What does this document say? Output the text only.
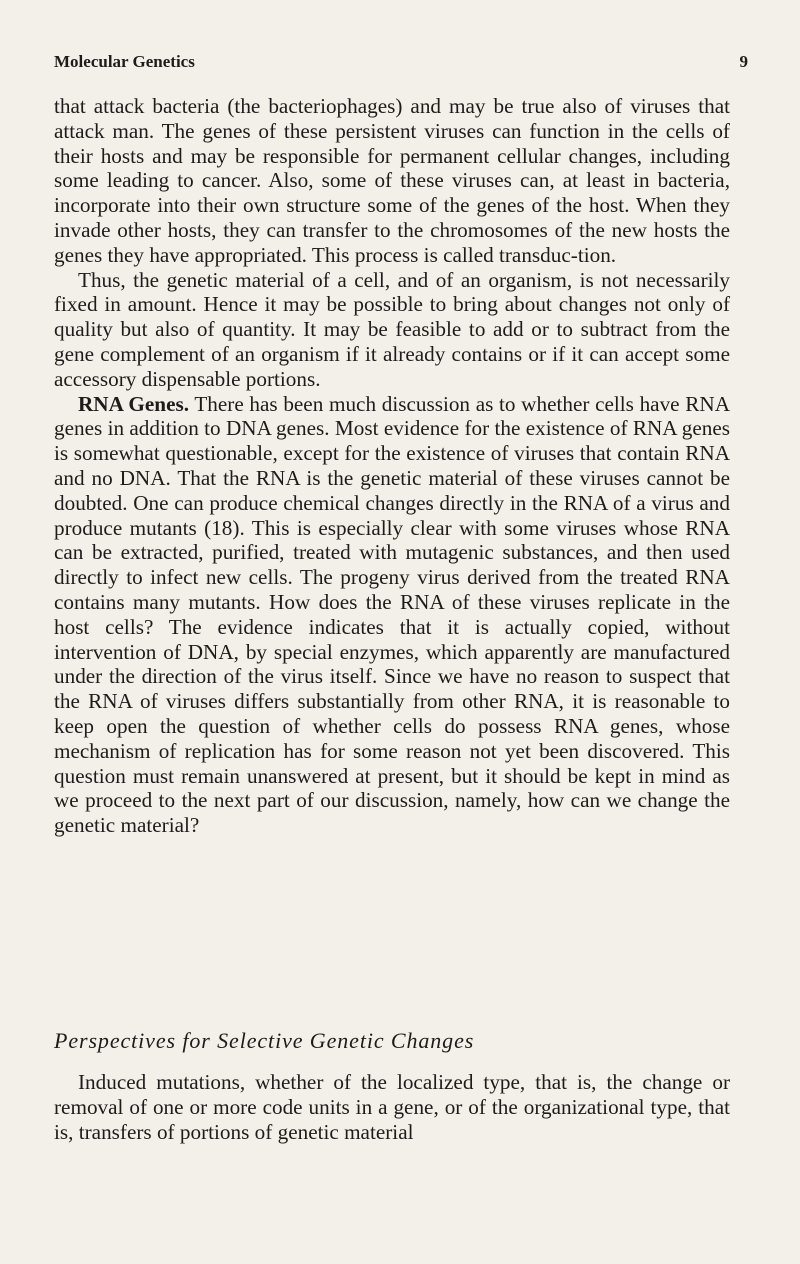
Molecular Genetics	9

that attack bacteria (the bacteriophages) and may be true also of viruses that attack man. The genes of these persistent viruses can function in the cells of their hosts and may be responsible for permanent cellular changes, including some leading to cancer. Also, some of these viruses can, at least in bacteria, incorporate into their own structure some of the genes of the host. When they invade other hosts, they can transfer to the chromosomes of the new hosts the genes they have appropriated. This process is called transduc-tion.

Thus, the genetic material of a cell, and of an organism, is not necessarily fixed in amount. Hence it may be possible to bring about changes not only of quality but also of quantity. It may be feasible to add or to subtract from the gene complement of an organism if it already contains or if it can accept some accessory dispensable portions.

RNA Genes. There has been much discussion as to whether cells have RNA genes in addition to DNA genes. Most evidence for the existence of RNA genes is somewhat questionable, except for the existence of viruses that contain RNA and no DNA. That the RNA is the genetic material of these viruses cannot be doubted. One can produce chemical changes directly in the RNA of a virus and produce mutants (18). This is especially clear with some viruses whose RNA can be extracted, purified, treated with mutagenic substances, and then used directly to infect new cells. The progeny virus derived from the treated RNA contains many mutants. How does the RNA of these viruses replicate in the host cells? The evidence indicates that it is actually copied, without intervention of DNA, by special enzymes, which apparently are manufactured under the direction of the virus itself. Since we have no reason to suspect that the RNA of viruses differs substantially from other RNA, it is reasonable to keep open the question of whether cells do possess RNA genes, whose mechanism of replication has for some reason not yet been discovered. This question must remain unanswered at present, but it should be kept in mind as we proceed to the next part of our discussion, namely, how can we change the genetic material?

Perspectives for Selective Genetic Changes

Induced mutations, whether of the localized type, that is, the change or removal of one or more code units in a gene, or of the organizational type, that is, transfers of portions of genetic material
